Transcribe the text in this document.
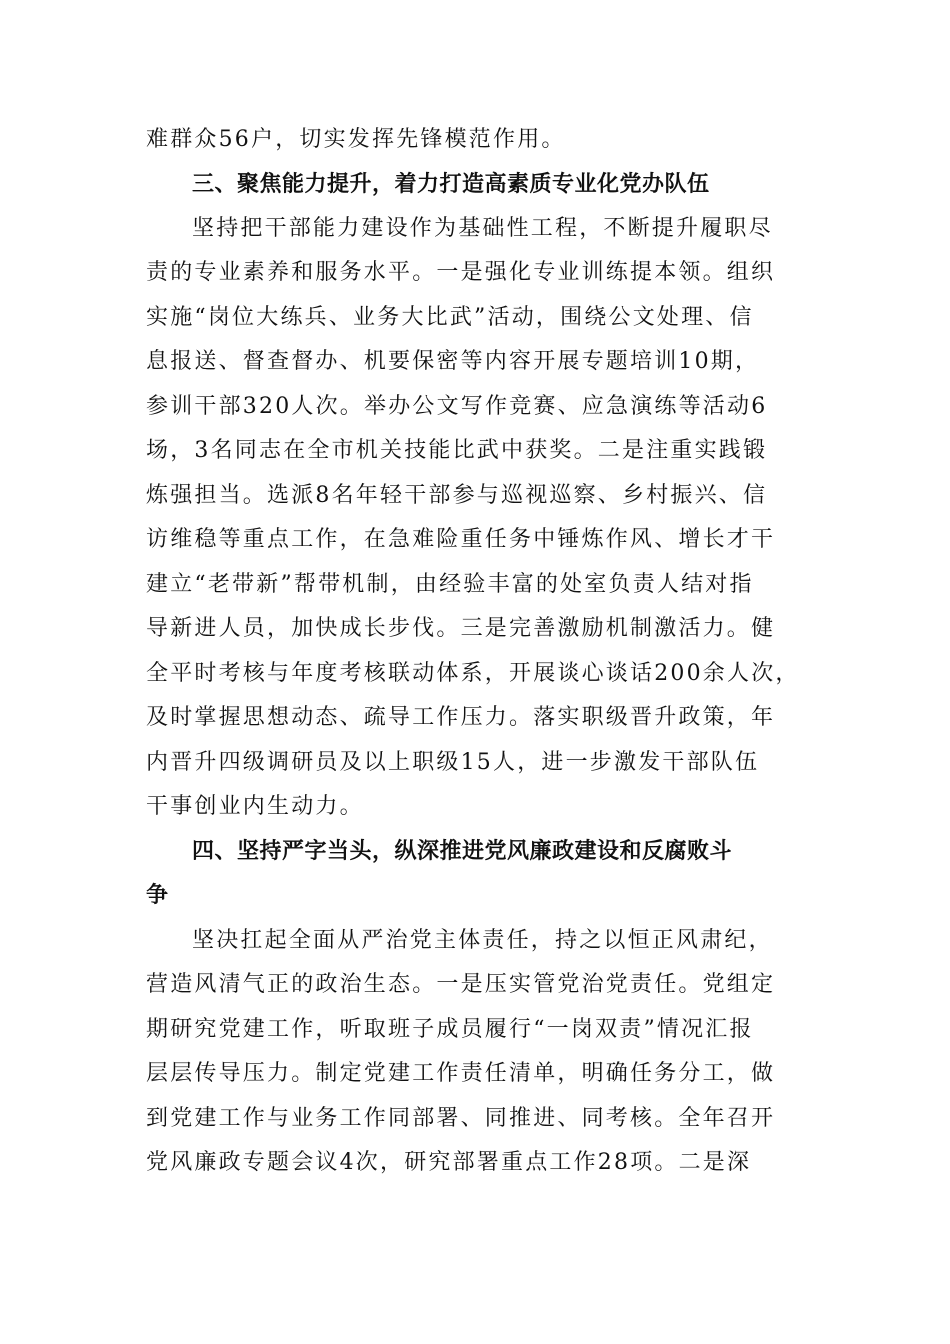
难群众56户，切实发挥先锋模范作用。
三、聚焦能力提升，着力打造高素质专业化党办队伍
坚持把干部能力建设作为基础性工程，不断提升履职尽
责的专业素养和服务水平。一是强化专业训练提本领。组织
实施“岗位大练兵、业务大比武”活动，围绕公文处理、信
息报送、督查督办、机要保密等内容开展专题培训10期，
参训干部320人次。举办公文写作竞赛、应急演练等活动6
场，3名同志在全市机关技能比武中获奖。二是注重实践锻
炼强担当。选派8名年轻干部参与巡视巡察、乡村振兴、信
访维稳等重点工作，在急难险重任务中锤炼作风、增长才干
建立“老带新”帮带机制，由经验丰富的处室负责人结对指
导新进人员，加快成长步伐。三是完善激励机制激活力。健
全平时考核与年度考核联动体系，开展谈心谈话200余人次，
及时掌握思想动态、疏导工作压力。落实职级晋升政策，年
内晋升四级调研员及以上职级15人，进一步激发干部队伍
干事创业内生动力。
四、坚持严字当头，纵深推进党风廉政建设和反腐败斗
争
坚决扛起全面从严治党主体责任，持之以恒正风肃纪，
营造风清气正的政治生态。一是压实管党治党责任。党组定
期研究党建工作，听取班子成员履行“一岗双责”情况汇报
层层传导压力。制定党建工作责任清单，明确任务分工，做
到党建工作与业务工作同部署、同推进、同考核。全年召开
党风廉政专题会议4次，研究部署重点工作28项。二是深
